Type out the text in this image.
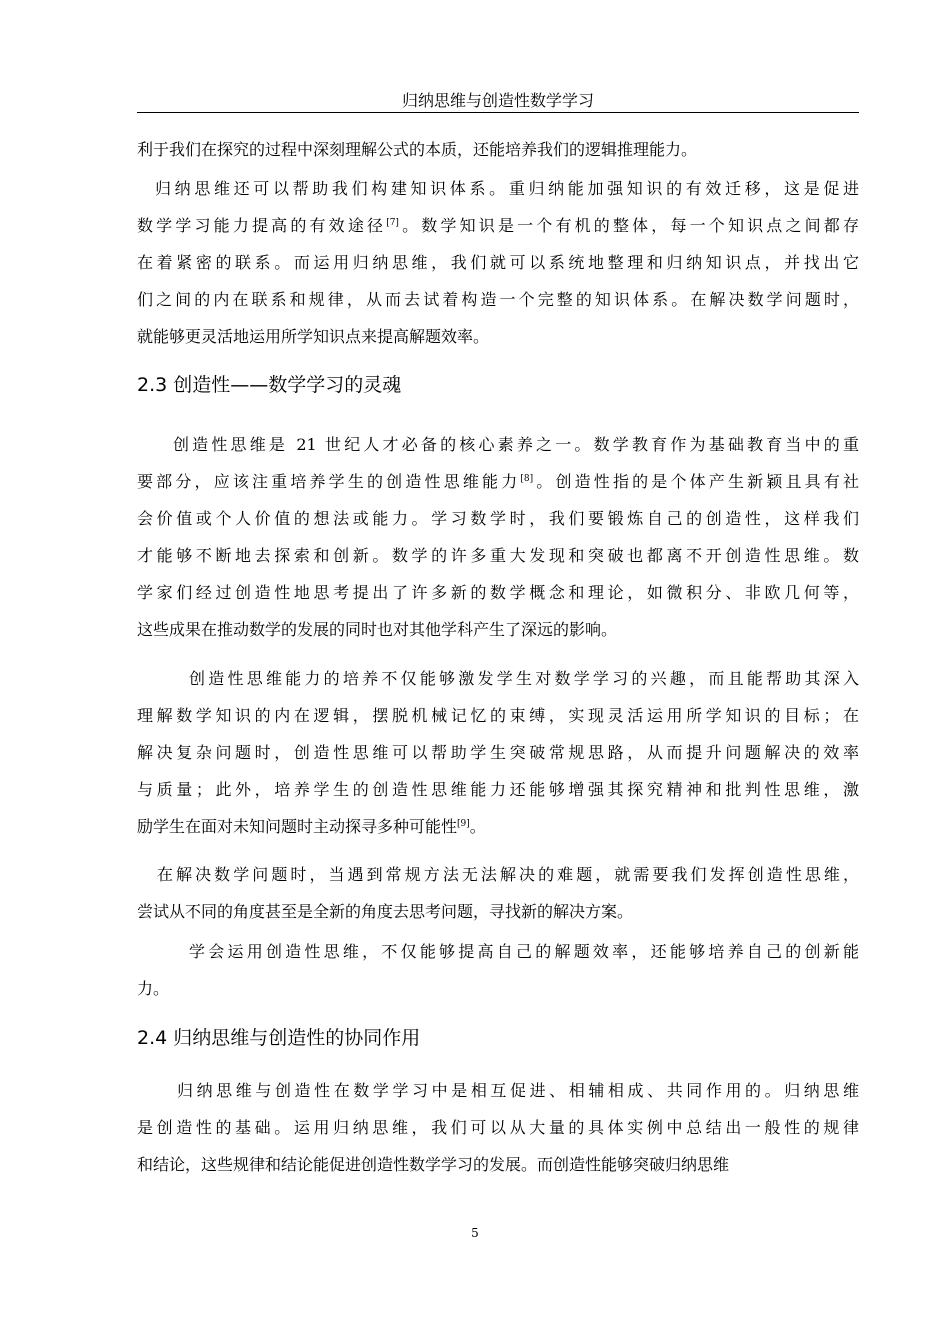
归纳思维与创造性数学学习
利于我们在探究的过程中深刻理解公式的本质，还能培养我们的逻辑推理能力。
归纳思维还可以帮助我们构建知识体系。重归纳能加强知识的有效迁移，这是促进
数学学习能力提高的有效途径[7]。数学知识是一个有机的整体，每一个知识点之间都存
在着紧密的联系。而运用归纳思维，我们就可以系统地整理和归纳知识点，并找出它
们之间的内在联系和规律，从而去试着构造一个完整的知识体系。在解决数学问题时，
就能够更灵活地运用所学知识点来提高解题效率。
2.3 创造性——数学学习的灵魂
创造性思维是 21 世纪人才必备的核心素养之一。数学教育作为基础教育当中的重
要部分，应该注重培养学生的创造性思维能力[8]。创造性指的是个体产生新颖且具有社
会价值或个人价值的想法或能力。学习数学时，我们要锻炼自己的创造性，这样我们
才能够不断地去探索和创新。数学的许多重大发现和突破也都离不开创造性思维。数
学家们经过创造性地思考提出了许多新的数学概念和理论，如微积分、非欧几何等，
这些成果在推动数学的发展的同时也对其他学科产生了深远的影响。
创造性思维能力的培养不仅能够激发学生对数学学习的兴趣，而且能帮助其深入
理解数学知识的内在逻辑，摆脱机械记忆的束缚，实现灵活运用所学知识的目标；在
解决复杂问题时，创造性思维可以帮助学生突破常规思路，从而提升问题解决的效率
与质量；此外，培养学生的创造性思维能力还能够增强其探究精神和批判性思维，激
励学生在面对未知问题时主动探寻多种可能性[9]。
在解决数学问题时，当遇到常规方法无法解决的难题，就需要我们发挥创造性思维，
尝试从不同的角度甚至是全新的角度去思考问题，寻找新的解决方案。
学会运用创造性思维，不仅能够提高自己的解题效率，还能够培养自己的创新能
力。
2.4 归纳思维与创造性的协同作用
归纳思维与创造性在数学学习中是相互促进、相辅相成、共同作用的。归纳思维
是创造性的基础。运用归纳思维，我们可以从大量的具体实例中总结出一般性的规律
和结论，这些规律和结论能促进创造性数学学习的发展。而创造性能够突破归纳思维
5
